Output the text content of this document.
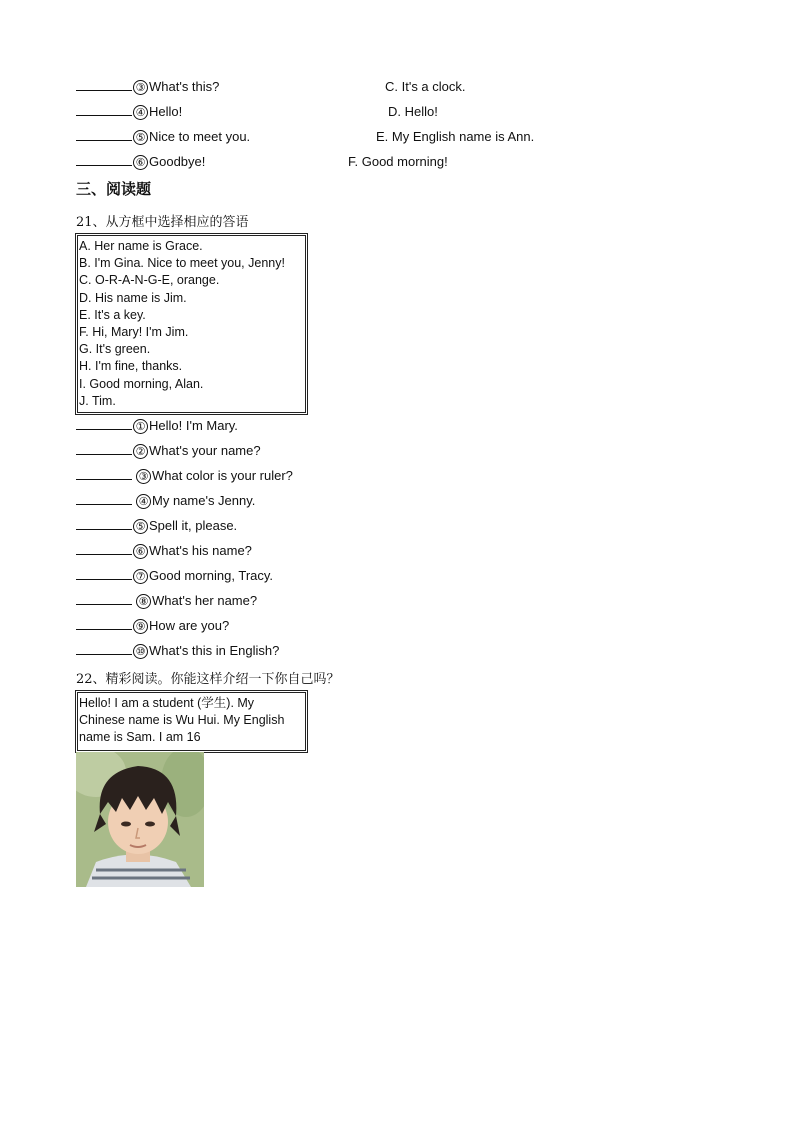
③ What's this?	C. It's a clock.
④ Hello!	D. Hello!
⑤ Nice to meet you.	E. My English name is Ann.
⑥ Goodbye!	F. Good morning!
三、阅读题
21、从方框中选择相应的答语
A. Her name is Grace.
B. I'm Gina. Nice to meet you, Jenny!
C. O-R-A-N-G-E, orange.
D. His name is Jim.
E. It's a key.
F. Hi, Mary! I'm Jim.
G. It's green.
H. I'm fine, thanks.
I. Good morning, Alan.
J. Tim.
① Hello! I'm Mary.
② What's your name?
③ What color is your ruler?
④ My name's Jenny.
⑤ Spell it, please.
⑥ What's his name?
⑦ Good morning, Tracy.
⑧ What's her name?
⑨ How are you?
⑩ What's this in English?
22、精彩阅读。你能这样介绍一下你自己吗？
Hello! I am a student (学生). My
Chinese name is Wu Hui. My English
name is Sam. I am 16
